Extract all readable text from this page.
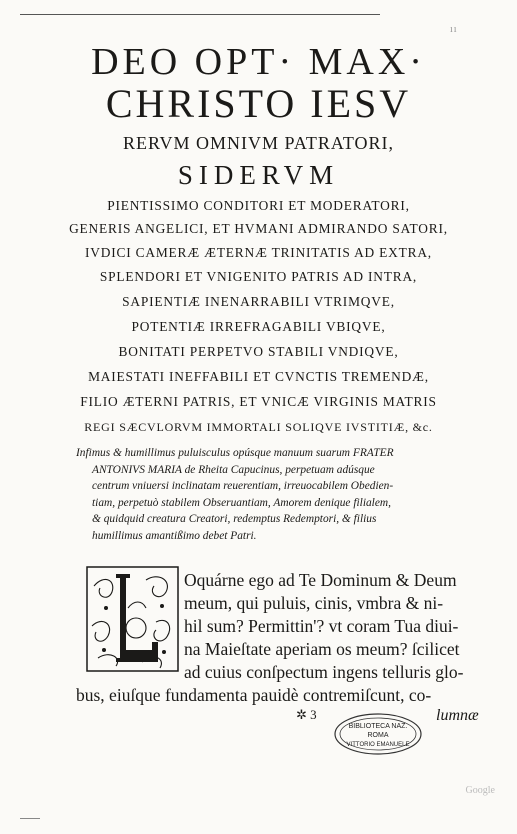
ıı
DEO OPT· MAX·
CHRISTO IESV
RERVM OMNIVM PATRATORI,
SIDERVM
PIENTISSIMO CONDITORI ET MODERATORI,
GENERIS ANGELICI, ET HVMANI ADMIRANDO SATORI,
IVDICI CAMERÆ ÆTERNÆ TRINITATIS AD EXTRA,
SPLENDORI ET VNIGENITO PATRIS AD INTRA,
SAPIENTIÆ INENARRABILI VTRIMQVE,
POTENTIÆ IRREFRAGABILI VBIQVE,
BONITATI PERPETVO STABILI VNDIQVE,
MAIESTATI INEFFABILI ET CVNCTIS TREMENDÆ,
FILIO ÆTERNI PATRIS, ET VNICÆ VIRGINIS MATRIS
REGI SÆCVLORVM IMMORTALI SOLIQVE IVSTITIÆ, &c.
Infimus & humillimus puluisculus opúsque manuum suarum FRATER
ANTONIVS MARIA de Rheita Capucinus, perpetuam adúsque
centrum vniuersi inclinatam reuerentiam, irreuocabilem Obedien-
tiam, perpetuò stabilem Obseruantiam, Amorem denique filialem,
& quidquid creatura Creatori, redemptus Redemptori, & filius
humillimus amantißimo debet Patri.
Oquárne ego ad Te Dominum & Deum
meum, qui puluis, cinis, vmbra & ni-
hil sum? Permittin'? vt coram Tua diui-
na Maieſtate aperiam os meum? ſcilicet
ad cuius conſpectum ingens telluris glo-
bus, eiuſque fundamenta pauidè contremiſcunt, co-
✲ 3	lumnæ
BIBLIOTECA NAZ.
ROMA
VITTORIO EMANUELE
Google
